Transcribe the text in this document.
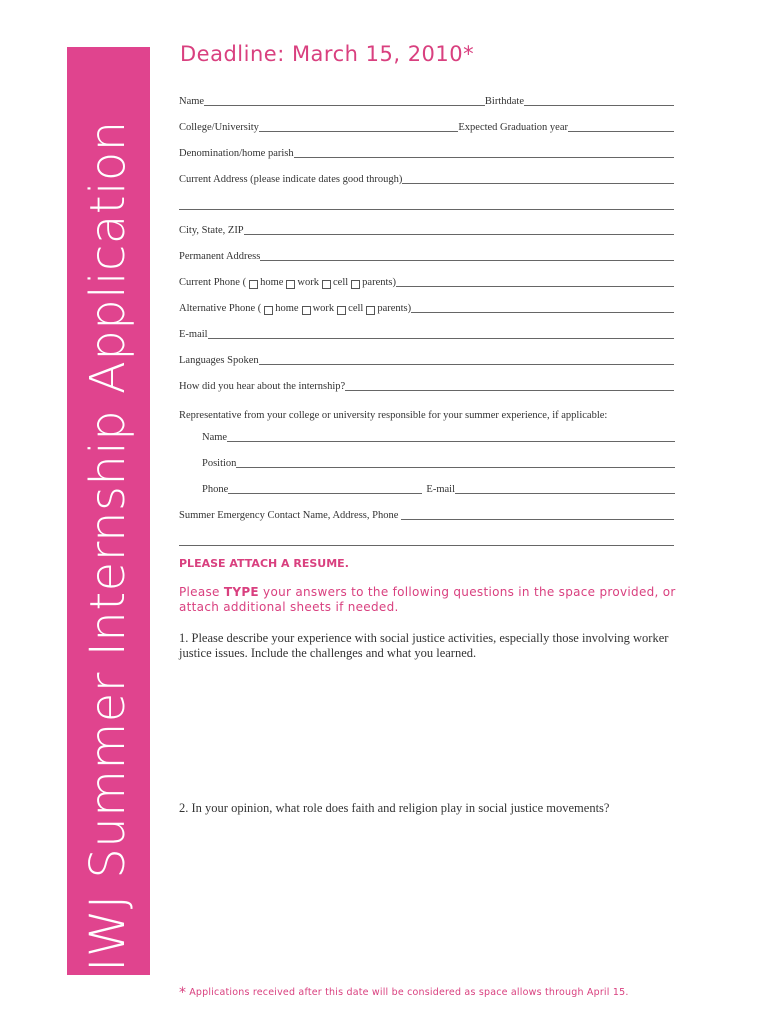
IWJ Summer Internship Application
Deadline: March 15, 2010*
Name	Birthdate
College/University	Expected Graduation year
Denomination/home parish
Current Address (please indicate dates good through)
City, State, ZIP
Permanent Address
Current Phone ( home work cell parents)
Alternative Phone ( home work cell parents)
E-mail
Languages Spoken
How did you hear about the internship?
Representative from your college or university responsible for your summer experience, if applicable:
Name
Position
Phone	E-mail
Summer Emergency Contact Name, Address, Phone
PLEASE ATTACH A RESUME.
Please TYPE your answers to the following questions in the space provided, or attach additional sheets if needed.
1. Please describe your experience with social justice activities, especially those involving worker justice issues. Include the challenges and what you learned.
2. In your opinion, what role does faith and religion play in social justice movements?
* Applications received after this date will be considered as space allows through April 15.
